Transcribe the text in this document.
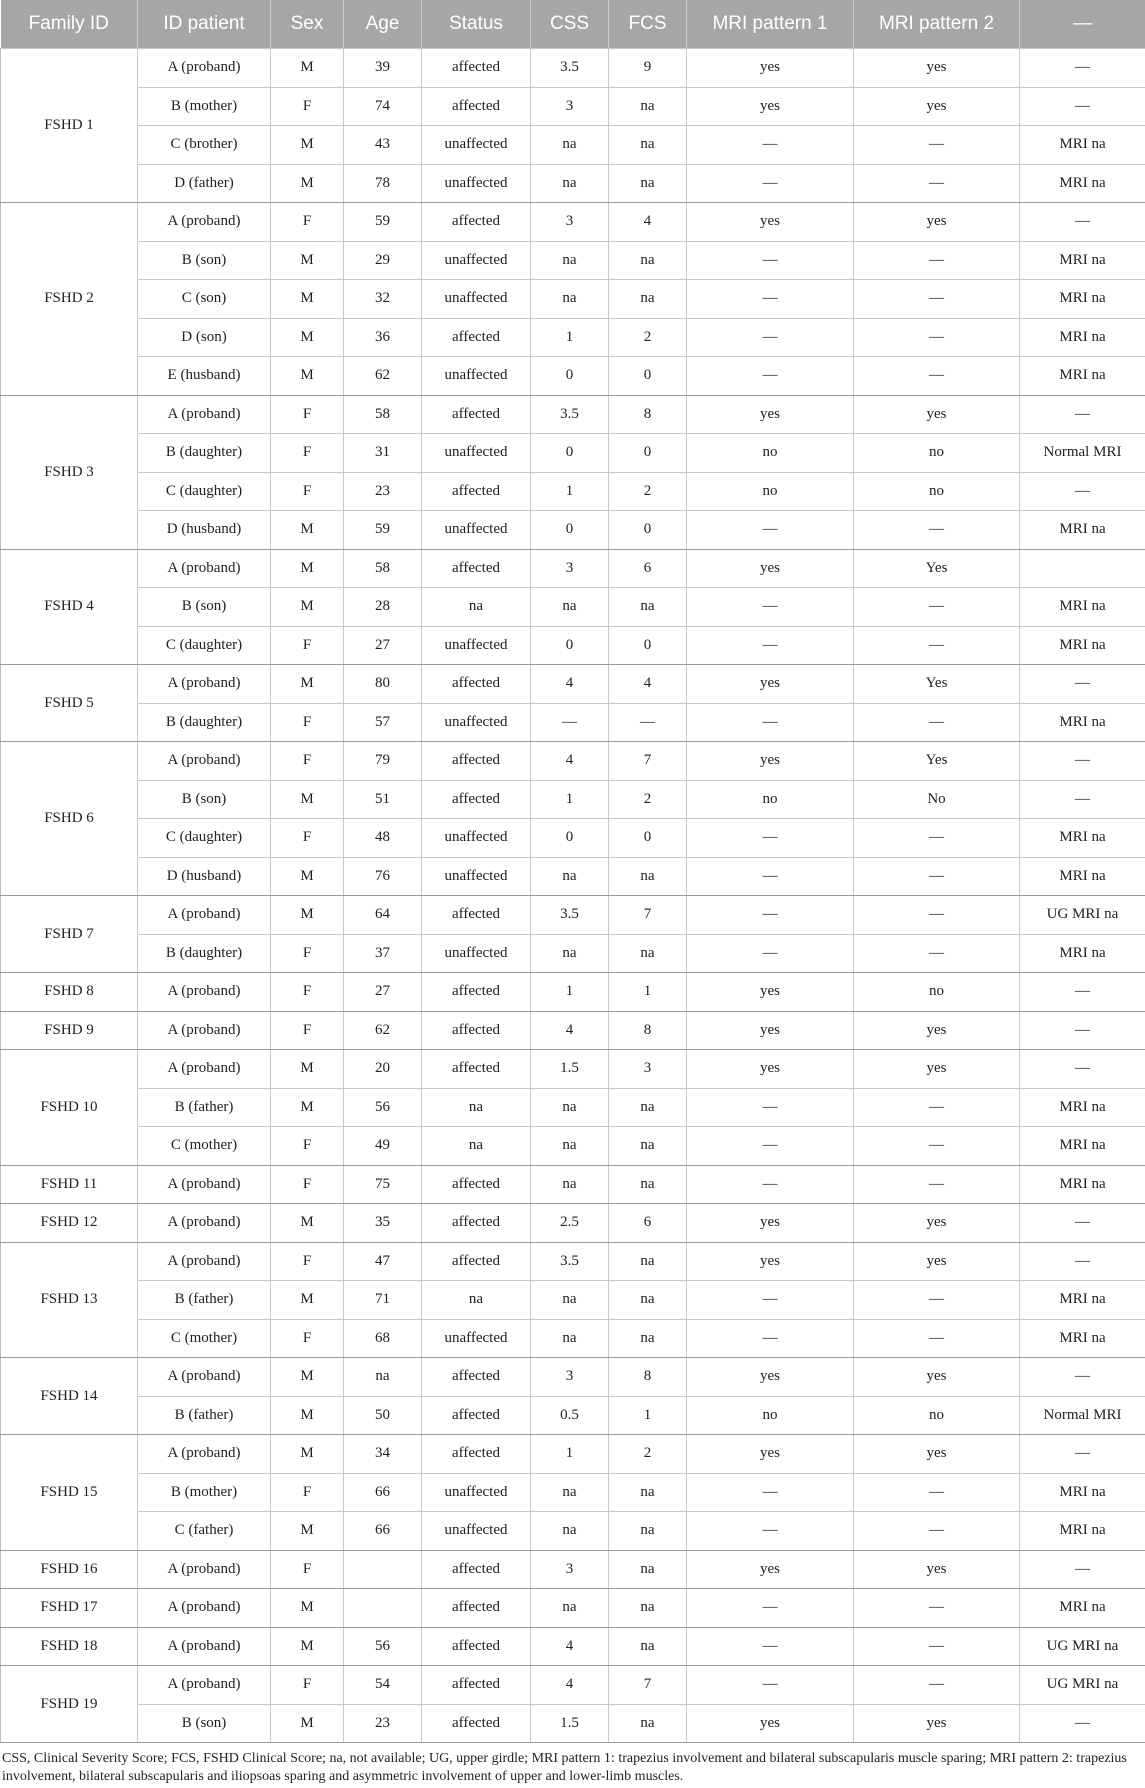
Family ID	ID patient	Sex	Age	Status	CSS	FCS	MRI pattern 1	MRI pattern 2	—
FSHD 1	A (proband)	M	39	affected	3.5	9	yes	yes	—
	B (mother)	F	74	affected	3	na	yes	yes	—
	C (brother)	M	43	unaffected	na	na	—	—	MRI na
	D (father)	M	78	unaffected	na	na	—	—	MRI na
FSHD 2	A (proband)	F	59	affected	3	4	yes	yes	—
	B (son)	M	29	unaffected	na	na	—	—	MRI na
	C (son)	M	32	unaffected	na	na	—	—	MRI na
	D (son)	M	36	affected	1	2	—	—	MRI na
	E (husband)	M	62	unaffected	0	0	—	—	MRI na
FSHD 3	A (proband)	F	58	affected	3.5	8	yes	yes	—
	B (daughter)	F	31	unaffected	0	0	no	no	Normal MRI
	C (daughter)	F	23	affected	1	2	no	no	—
	D (husband)	M	59	unaffected	0	0	—	—	MRI na
FSHD 4	A (proband)	M	58	affected	3	6	yes	Yes	
	B (son)	M	28	na	na	na	—	—	MRI na
	C (daughter)	F	27	unaffected	0	0	—	—	MRI na
FSHD 5	A (proband)	M	80	affected	4	4	yes	Yes	—
	B (daughter)	F	57	unaffected	—	—	—	—	MRI na
FSHD 6	A (proband)	F	79	affected	4	7	yes	Yes	—
	B (son)	M	51	affected	1	2	no	No	—
	C (daughter)	F	48	unaffected	0	0	—	—	MRI na
	D (husband)	M	76	unaffected	na	na	—	—	MRI na
FSHD 7	A (proband)	M	64	affected	3.5	7	—	—	UG MRI na
	B (daughter)	F	37	unaffected	na	na	—	—	MRI na
FSHD 8	A (proband)	F	27	affected	1	1	yes	no	—
FSHD 9	A (proband)	F	62	affected	4	8	yes	yes	—
FSHD 10	A (proband)	M	20	affected	1.5	3	yes	yes	—
	B (father)	M	56	na	na	na	—	—	MRI na
	C (mother)	F	49	na	na	na	—	—	MRI na
FSHD 11	A (proband)	F	75	affected	na	na	—	—	MRI na
FSHD 12	A (proband)	M	35	affected	2.5	6	yes	yes	—
FSHD 13	A (proband)	F	47	affected	3.5	na	yes	yes	—
	B (father)	M	71	na	na	na	—	—	MRI na
	C (mother)	F	68	unaffected	na	na	—	—	MRI na
FSHD 14	A (proband)	M	na	affected	3	8	yes	yes	—
	B (father)	M	50	affected	0.5	1	no	no	Normal MRI
FSHD 15	A (proband)	M	34	affected	1	2	yes	yes	—
	B (mother)	F	66	unaffected	na	na	—	—	MRI na
	C (father)	M	66	unaffected	na	na	—	—	MRI na
FSHD 16	A (proband)	F		affected	3	na	yes	yes	—
FSHD 17	A (proband)	M		affected	na	na	—	—	MRI na
FSHD 18	A (proband)	M	56	affected	4	na	—	—	UG MRI na
FSHD 19	A (proband)	F	54	affected	4	7	—	—	UG MRI na
	B (son)	M	23	affected	1.5	na	yes	yes	—
CSS, Clinical Severity Score; FCS, FSHD Clinical Score; na, not available; UG, upper girdle; MRI pattern 1: trapezius involvement and bilateral subscapularis muscle sparing; MRI pattern 2: trapezius involvement, bilateral subscapularis and iliopsoas sparing and asymmetric involvement of upper and lower-limb muscles.
